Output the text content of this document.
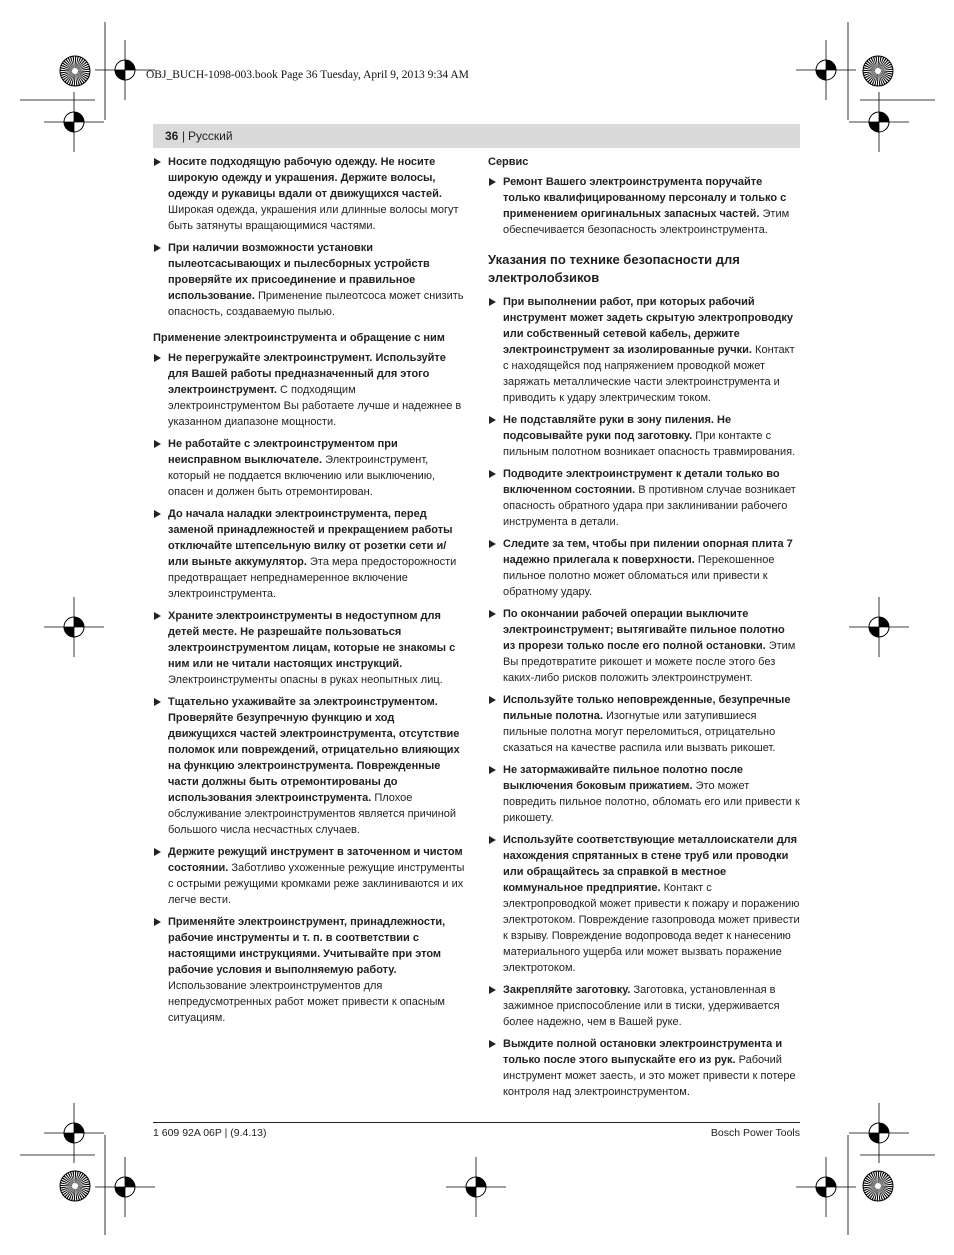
OBJ_BUCH-1098-003.book Page 36 Tuesday, April 9, 2013 9:34 AM
36 | Русский
Носите подходящую рабочую одежду. Не носите широкую одежду и украшения. Держите волосы, одежду и рукавицы вдали от движущихся частей. Широкая одежда, украшения или длинные волосы могут быть затянуты вращающимися частями.
При наличии возможности установки пылеотсасывающих и пылесборных устройств проверяйте их присоединение и правильное использование. Применение пылеотсоса может снизить опасность, создаваемую пылью.
Применение электроинструмента и обращение с ним
Не перегружайте электроинструмент. Используйте для Вашей работы предназначенный для этого электроинструмент. С подходящим электроинструментом Вы работаете лучше и надежнее в указанном диапазоне мощности.
Не работайте с электроинструментом при неисправном выключателе. Электроинструмент, который не поддается включению или выключению, опасен и должен быть отремонтирован.
До начала наладки электроинструмента, перед заменой принадлежностей и прекращением работы отключайте штепсельную вилку от розетки сети и/или выньте аккумулятор. Эта мера предосторожности предотвращает непреднамеренное включение электроинструмента.
Храните электроинструменты в недоступном для детей месте. Не разрешайте пользоваться электроинструментом лицам, которые не знакомы с ним или не читали настоящих инструкций. Электроинструменты опасны в руках неопытных лиц.
Тщательно ухаживайте за электроинструментом. Проверяйте безупречную функцию и ход движущихся частей электроинструмента, отсутствие поломок или повреждений, отрицательно влияющих на функцию электроинструмента. Поврежденные части должны быть отремонтированы до использования электроинструмента. Плохое обслуживание электроинструментов является причиной большого числа несчастных случаев.
Держите режущий инструмент в заточенном и чистом состоянии. Заботливо ухоженные режущие инструменты с острыми режущими кромками реже заклиниваются и их легче вести.
Применяйте электроинструмент, принадлежности, рабочие инструменты и т. п. в соответствии с настоящими инструкциями. Учитывайте при этом рабочие условия и выполняемую работу. Использование электроинструментов для непредусмотренных работ может привести к опасным ситуациям.
Сервис
Ремонт Вашего электроинструмента поручайте только квалифицированному персоналу и только с применением оригинальных запасных частей. Этим обеспечивается безопасность электроинструмента.
Указания по технике безопасности для электролобзиков
При выполнении работ, при которых рабочий инструмент может задеть скрытую электропроводку или собственный сетевой кабель, держите электроинструмент за изолированные ручки. Контакт с находящейся под напряжением проводкой может заряжать металлические части электроинструмента и приводить к удару электрическим током.
Не подставляйте руки в зону пиления. Не подсовывайте руки под заготовку. При контакте с пильным полотном возникает опасность травмирования.
Подводите электроинструмент к детали только во включенном состоянии. В противном случае возникает опасность обратного удара при заклинивании рабочего инструмента в детали.
Следите за тем, чтобы при пилении опорная плита 7 надежно прилегала к поверхности. Перекошенное пильное полотно может обломаться или привести к обратному удару.
По окончании рабочей операции выключите электроинструмент; вытягивайте пильное полотно из прорези только после его полной остановки. Этим Вы предотвратите рикошет и можете после этого без каких-либо рисков положить электроинструмент.
Используйте только неповрежденные, безупречные пильные полотна. Изогнутые или затупившиеся пильные полотна могут переломиться, отрицательно сказаться на качестве распила или вызвать рикошет.
Не затормаживайте пильное полотно после выключения боковым прижатием. Это может повредить пильное полотно, обломать его или привести к рикошету.
Используйте соответствующие металлоискатели для нахождения спрятанных в стене труб или проводки или обращайтесь за справкой в местное коммунальное предприятие. Контакт с электропроводкой может привести к пожару и поражению электротоком. Повреждение газопровода может привести к взрыву. Повреждение водопровода ведет к нанесению материального ущерба или может вызвать поражение электротоком.
Закрепляйте заготовку. Заготовка, установленная в зажимное приспособление или в тиски, удерживается более надежно, чем в Вашей руке.
Выждите полной остановки электроинструмента и только после этого выпускайте его из рук. Рабочий инструмент может заесть, и это может привести к потере контроля над электроинструментом.
1 609 92A 06P | (9.4.13)	Bosch Power Tools
